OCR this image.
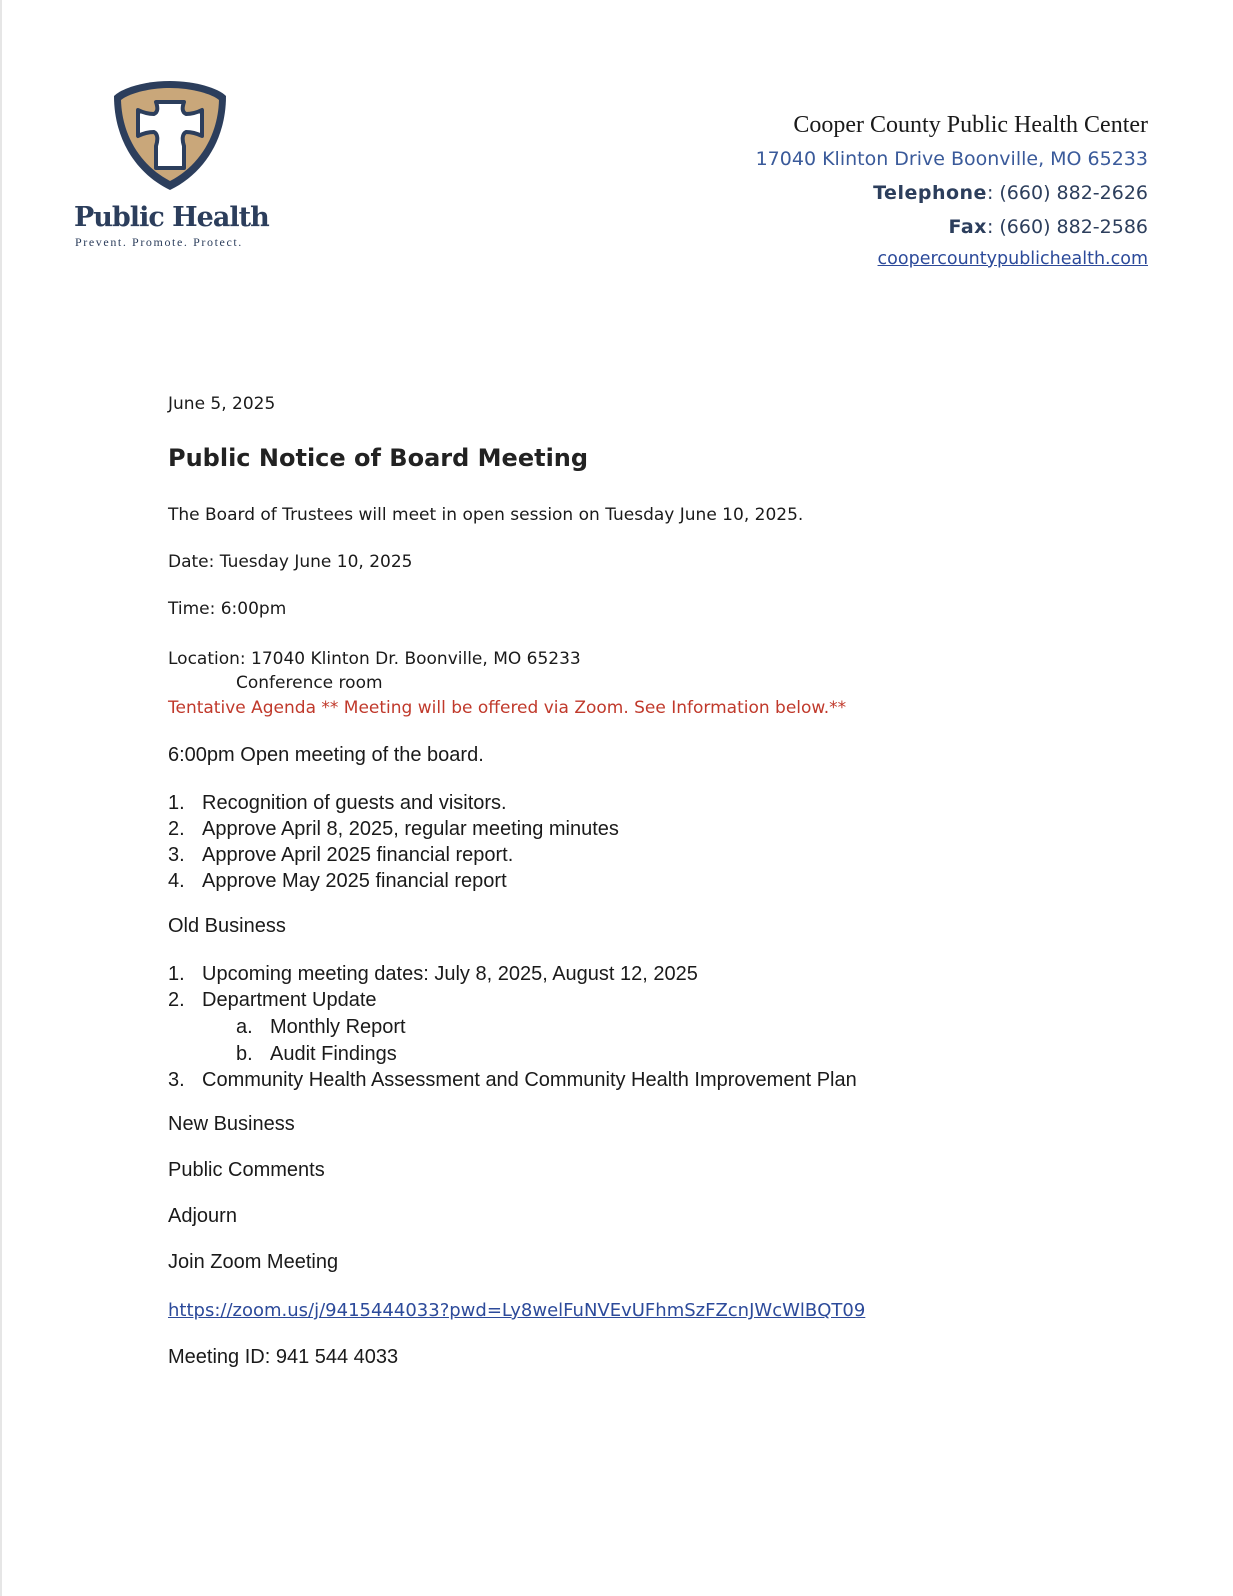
Public Health
Prevent. Promote. Protect.
Cooper County Public Health Center
17040 Klinton Drive Boonville, MO 65233
Telephone: (660) 882-2626
Fax: (660) 882-2586
coopercountypublichealth.com
June 5, 2025
Public Notice of Board Meeting
The Board of Trustees will meet in open session on Tuesday June 10, 2025.
Date: Tuesday June 10, 2025
Time: 6:00pm
Location: 17040 Klinton Dr. Boonville, MO 65233
Conference room
Tentative Agenda ** Meeting will be offered via Zoom. See Information below.**
6:00pm Open meeting of the board.
1. Recognition of guests and visitors.
2. Approve April 8, 2025, regular meeting minutes
3. Approve April 2025 financial report.
4. Approve May 2025 financial report
Old Business
1. Upcoming meeting dates: July 8, 2025, August 12, 2025
2. Department Update
a. Monthly Report
b. Audit Findings
3. Community Health Assessment and Community Health Improvement Plan
New Business
Public Comments
Adjourn
Join Zoom Meeting
https://zoom.us/j/9415444033?pwd=Ly8welFuNVEvUFhmSzFZcnJWcWlBQT09
Meeting ID: 941 544 4033
